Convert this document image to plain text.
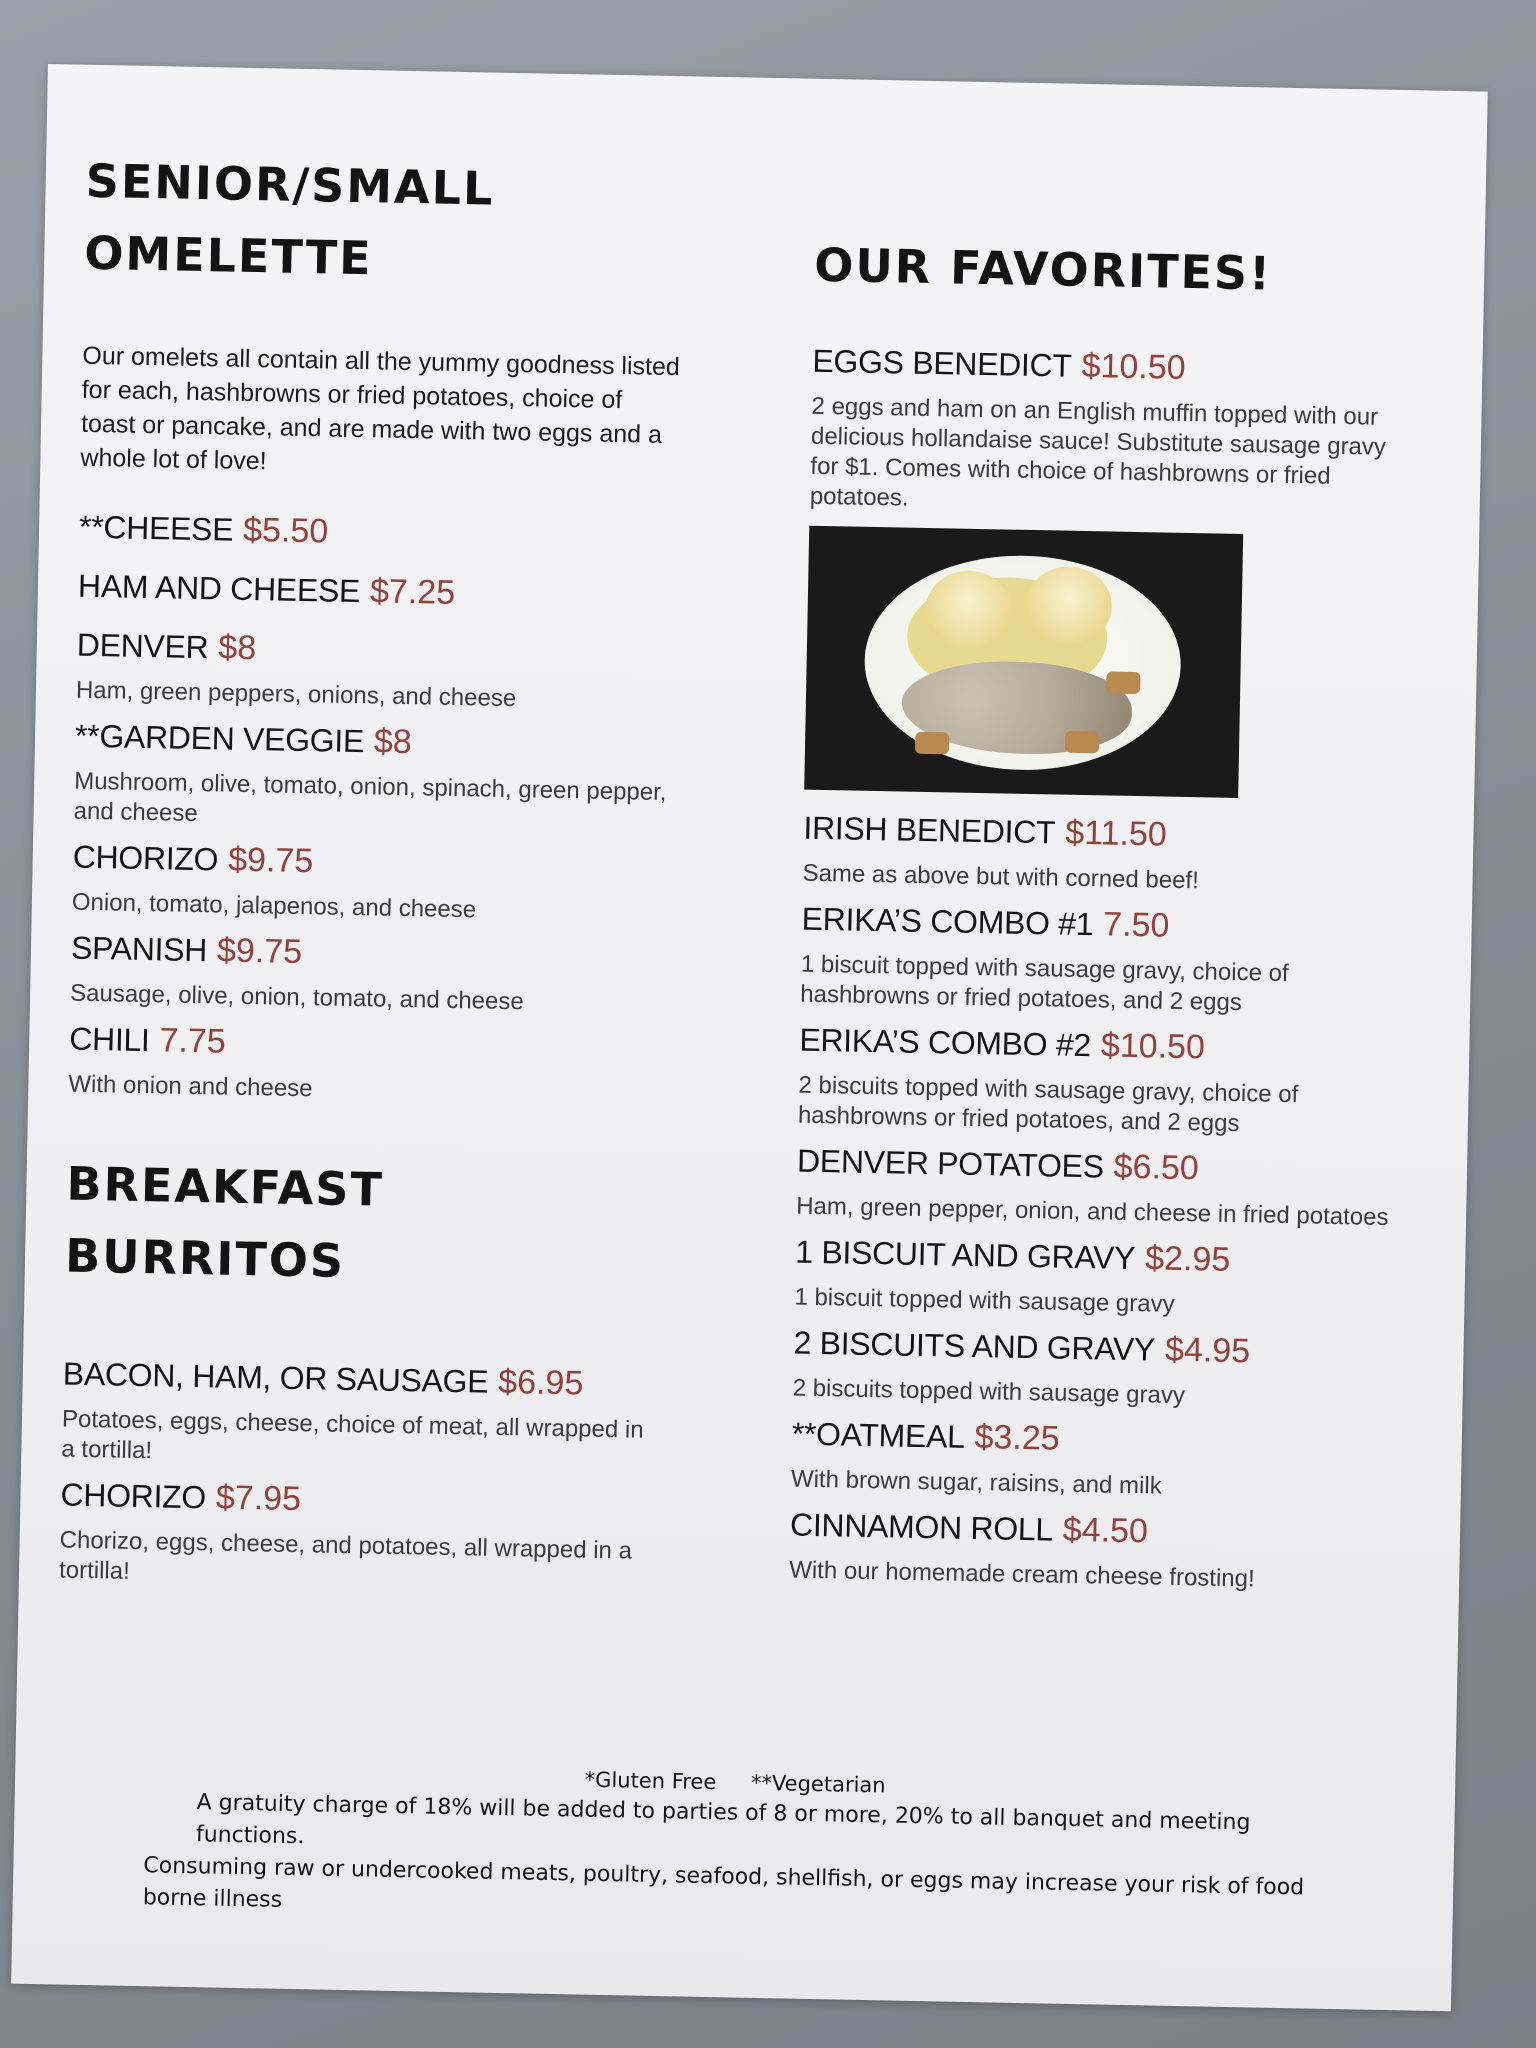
SENIOR/SMALL
OMELETTE

Our omelets all contain all the yummy goodness listed for each, hashbrowns or fried potatoes, choice of toast or pancake, and are made with two eggs and a whole lot of love!

**CHEESE $5.50
HAM AND CHEESE $7.25
DENVER $8
Ham, green peppers, onions, and cheese
**GARDEN VEGGIE $8
Mushroom, olive, tomato, onion, spinach, green pepper, and cheese
CHORIZO $9.75
Onion, tomato, jalapenos, and cheese
SPANISH $9.75
Sausage, olive, onion, tomato, and cheese
CHILI 7.75
With onion and cheese
BREAKFAST
BURRITOS
BACON, HAM, OR SAUSAGE $6.95
Potatoes, eggs, cheese, choice of meat, all wrapped in a tortilla!
CHORIZO $7.95
Chorizo, eggs, cheese, and potatoes, all wrapped in a tortilla!
OUR FAVORITES!
EGGS BENEDICT $10.50
2 eggs and ham on an English muffin topped with our delicious hollandaise sauce! Substitute sausage gravy for $1. Comes with choice of hashbrowns or fried potatoes.
IRISH BENEDICT $11.50
Same as above but with corned beef!
ERIKA’S COMBO #1 7.50
1 biscuit topped with sausage gravy, choice of hashbrowns or fried potatoes, and 2 eggs
ERIKA’S COMBO #2 $10.50
2 biscuits topped with sausage gravy, choice of hashbrowns or fried potatoes, and 2 eggs
DENVER POTATOES $6.50
Ham, green pepper, onion, and cheese in fried potatoes
1 BISCUIT AND GRAVY $2.95
1 biscuit topped with sausage gravy
2 BISCUITS AND GRAVY $4.95
2 biscuits topped with sausage gravy
**OATMEAL $3.25
With brown sugar, raisins, and milk
CINNAMON ROLL $4.50
With our homemade cream cheese frosting!
*Gluten Free **Vegetarian
A gratuity charge of 18% will be added to parties of 8 or more, 20% to all banquet and meeting functions.
Consuming raw or undercooked meats, poultry, seafood, shellfish, or eggs may increase your risk of food borne illness
